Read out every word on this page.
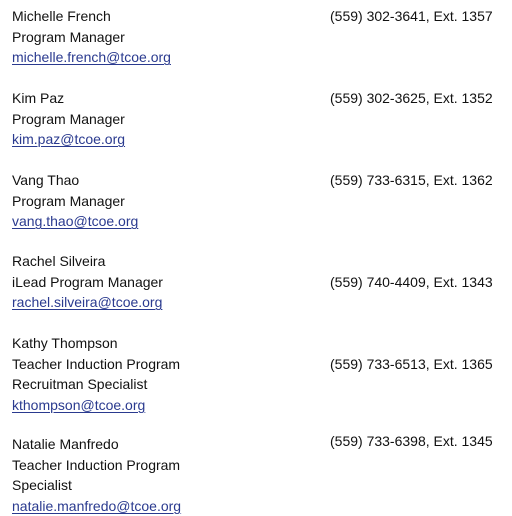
Michelle French
Program Manager
michelle.french@tcoe.org
(559) 302-3641, Ext. 1357
Kim Paz
Program Manager
kim.paz@tcoe.org
(559) 302-3625, Ext. 1352
Vang Thao
Program Manager
vang.thao@tcoe.org
(559) 733-6315, Ext. 1362
Rachel Silveira
iLead Program Manager
rachel.silveira@tcoe.org
(559) 740-4409, Ext. 1343
Kathy Thompson
Teacher Induction Program
Recruitman Specialist
kthompson@tcoe.org
(559) 733-6513, Ext. 1365
Natalie Manfredo
Teacher Induction Program
Specialist
natalie.manfredo@tcoe.org
(559) 733-6398, Ext. 1345
